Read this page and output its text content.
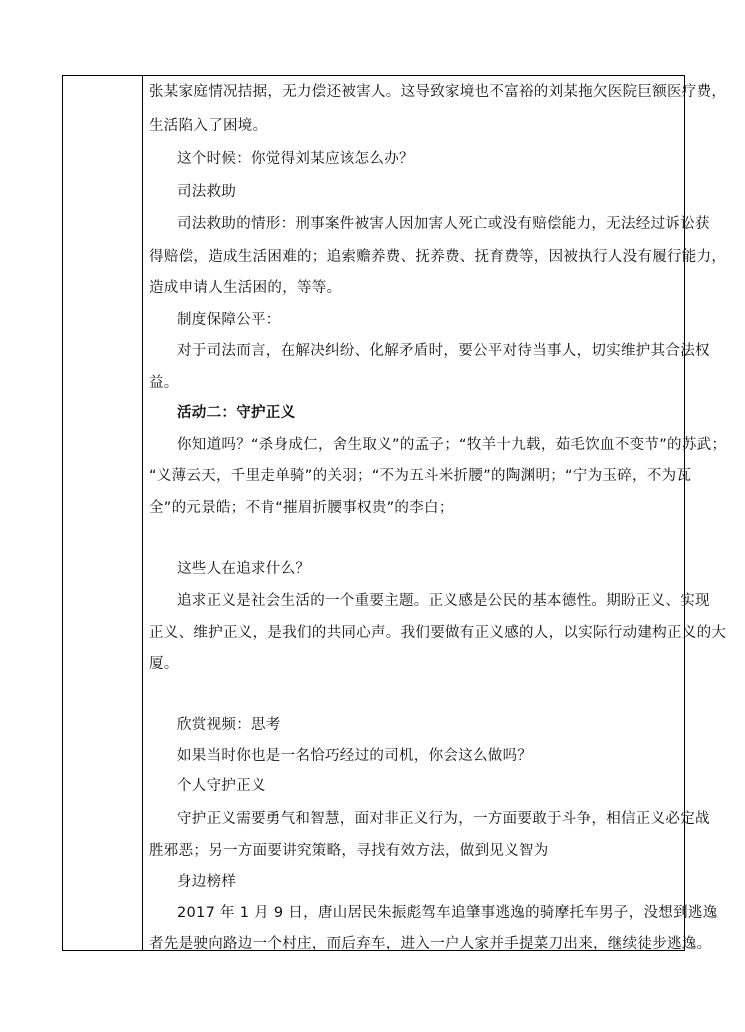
张某家庭情况拮据，无力偿还被害人。这导致家境也不富裕的刘某拖欠医院巨额医疗费，
生活陷入了困境。
这个时候：你觉得刘某应该怎么办？
司法救助
司法救助的情形：刑事案件被害人因加害人死亡或没有赔偿能力，无法经过诉讼获
得赔偿，造成生活困难的；追索赡养费、抚养费、抚育费等，因被执行人没有履行能力，
造成申请人生活困的，等等。
制度保障公平：
对于司法而言，在解决纠纷、化解矛盾时，要公平对待当事人，切实维护其合法权
益。
活动二：守护正义
你知道吗？“杀身成仁，舍生取义”的孟子；“牧羊十九载，茹毛饮血不变节”的苏武；
“义薄云天，千里走单骑”的关羽；“不为五斗米折腰”的陶渊明；“宁为玉碎，不为瓦
全”的元景皓；不肯“摧眉折腰事权贵”的李白；
这些人在追求什么？
追求正义是社会生活的一个重要主题。正义感是公民的基本德性。期盼正义、实现
正义、维护正义，是我们的共同心声。我们要做有正义感的人，以实际行动建构正义的大
厦。
欣赏视频：思考
如果当时你也是一名恰巧经过的司机，你会这么做吗？
个人守护正义
守护正义需要勇气和智慧，面对非正义行为，一方面要敢于斗争，相信正义必定战
胜邪恶；另一方面要讲究策略，寻找有效方法，做到见义智为
身边榜样
2017 年 1 月 9 日，唐山居民朱振彪驾车追肇事逃逸的骑摩托车男子，没想到逃逸
者先是驶向路边一个村庄，而后弃车，进入一户人家并手提菜刀出来，继续徒步逃逸。
